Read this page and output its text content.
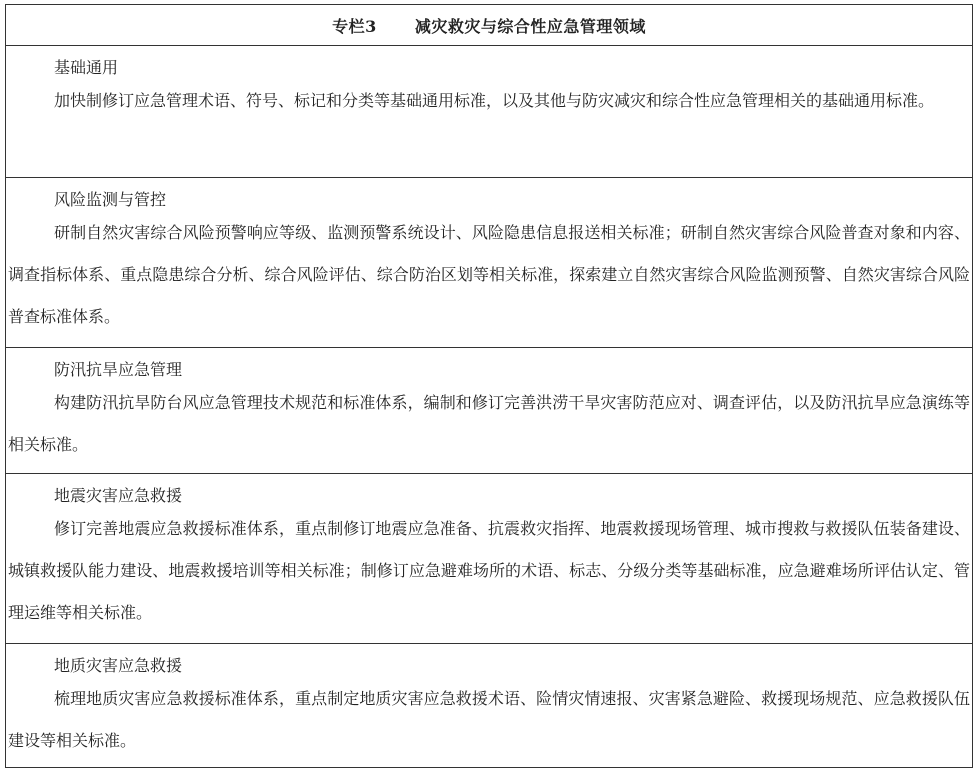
专栏3 减灾救灾与综合性应急管理领域
基础通用
加快制修订应急管理术语、符号、标记和分类等基础通用标准，以及其他与防灾减灾和综合性应急管理相关的基础通用标准。
风险监测与管控
研制自然灾害综合风险预警响应等级、监测预警系统设计、风险隐患信息报送相关标准；研制自然灾害综合风险普查对象和内容、调查指标体系、重点隐患综合分析、综合风险评估、综合防治区划等相关标准，探索建立自然灾害综合风险监测预警、自然灾害综合风险普查标准体系。
防汛抗旱应急管理
构建防汛抗旱防台风应急管理技术规范和标准体系，编制和修订完善洪涝干旱灾害防范应对、调查评估，以及防汛抗旱应急演练等相关标准。
地震灾害应急救援
修订完善地震应急救援标准体系，重点制修订地震应急准备、抗震救灾指挥、地震救援现场管理、城市搜救与救援队伍装备建设、城镇救援队能力建设、地震救援培训等相关标准；制修订应急避难场所的术语、标志、分级分类等基础标准，应急避难场所评估认定、管理运维等相关标准。
地质灾害应急救援
梳理地质灾害应急救援标准体系，重点制定地质灾害应急救援术语、险情灾情速报、灾害紧急避险、救援现场规范、应急救援队伍建设等相关标准。
